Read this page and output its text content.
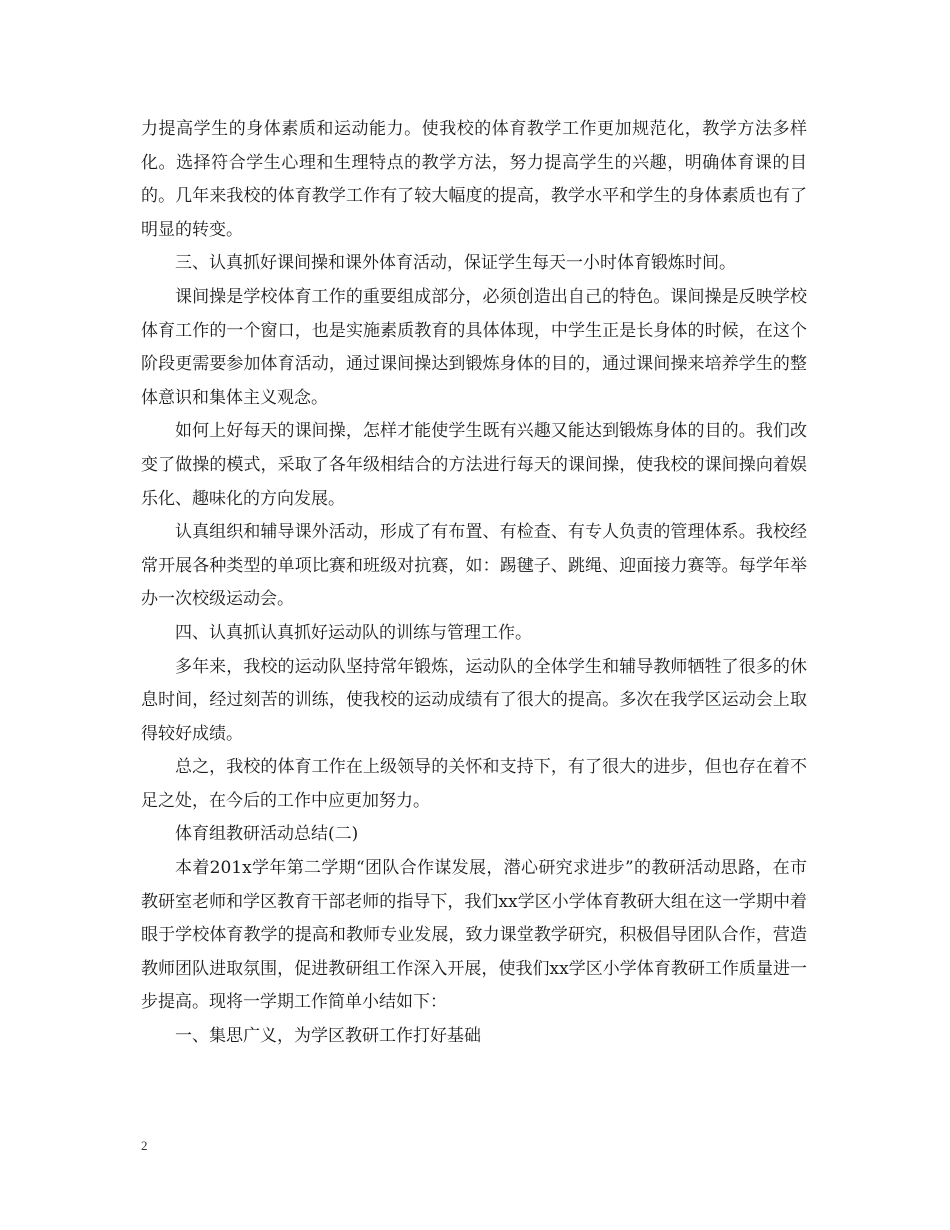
力提高学生的身体素质和运动能力。使我校的体育教学工作更加规范化，教学方法多样化。选择符合学生心理和生理特点的教学方法，努力提高学生的兴趣，明确体育课的目的。几年来我校的体育教学工作有了较大幅度的提高，教学水平和学生的身体素质也有了明显的转变。

三、认真抓好课间操和课外体育活动，保证学生每天一小时体育锻炼时间。

课间操是学校体育工作的重要组成部分，必须创造出自己的特色。课间操是反映学校体育工作的一个窗口，也是实施素质教育的具体体现，中学生正是长身体的时候，在这个阶段更需要参加体育活动，通过课间操达到锻炼身体的目的，通过课间操来培养学生的整体意识和集体主义观念。

如何上好每天的课间操，怎样才能使学生既有兴趣又能达到锻炼身体的目的。我们改变了做操的模式，采取了各年级相结合的方法进行每天的课间操，使我校的课间操向着娱乐化、趣味化的方向发展。

认真组织和辅导课外活动，形成了有布置、有检查、有专人负责的管理体系。我校经常开展各种类型的单项比赛和班级对抗赛，如：踢毽子、跳绳、迎面接力赛等。每学年举办一次校级运动会。

四、认真抓认真抓好运动队的训练与管理工作。

多年来，我校的运动队坚持常年锻炼，运动队的全体学生和辅导教师牺牲了很多的休息时间，经过刻苦的训练，使我校的运动成绩有了很大的提高。多次在我学区运动会上取得较好成绩。

总之，我校的体育工作在上级领导的关怀和支持下，有了很大的进步，但也存在着不足之处，在今后的工作中应更加努力。

体育组教研活动总结(二)

本着201x学年第二学期“团队合作谋发展，潜心研究求进步”的教研活动思路，在市教研室老师和学区教育干部老师的指导下，我们xx学区小学体育教研大组在这一学期中着眼于学校体育教学的提高和教师专业发展，致力课堂教学研究，积极倡导团队合作，营造教师团队进取氛围，促进教研组工作深入开展，使我们xx学区小学体育教研工作质量进一步提高。现将一学期工作简单小结如下：

一、集思广义，为学区教研工作打好基础

2
